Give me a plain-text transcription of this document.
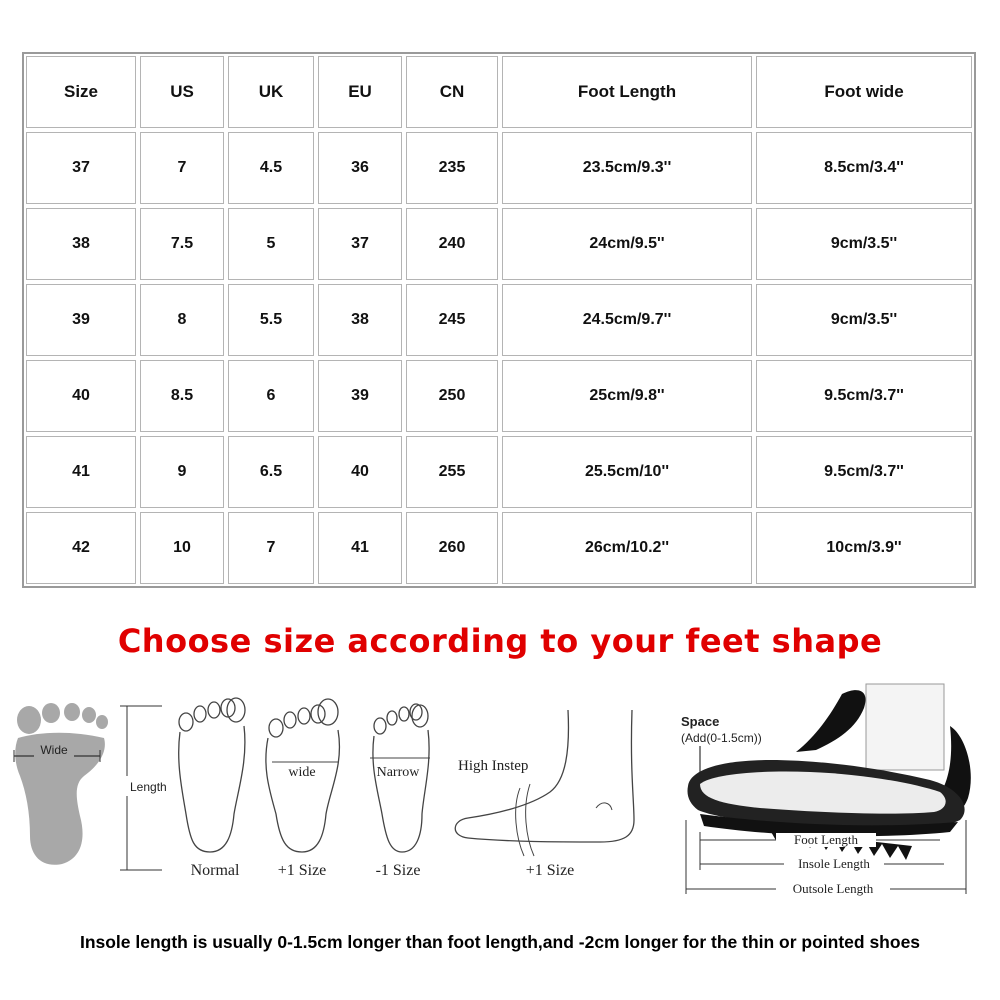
Size	US	UK	EU	CN	Foot Length	Foot wide
37	7	4.5	36	235	23.5cm/9.3''	8.5cm/3.4''
38	7.5	5	37	240	24cm/9.5''	9cm/3.5''
39	8	5.5	38	245	24.5cm/9.7''	9cm/3.5''
40	8.5	6	39	250	25cm/9.8''	9.5cm/3.7''
41	9	6.5	40	255	25.5cm/10''	9.5cm/3.7''
42	10	7	41	260	26cm/10.2''	10cm/3.9''
Choose size according to your feet shape
Wide
Length
Normal
wide
+1 Size
Narrow
-1 Size
High Instep
+1 Size
Space
(Add(0-1.5cm))
Foot Length
Insole Length
Outsole Length
Insole length is usually 0-1.5cm longer than foot length,and -2cm longer for the thin or pointed shoes
